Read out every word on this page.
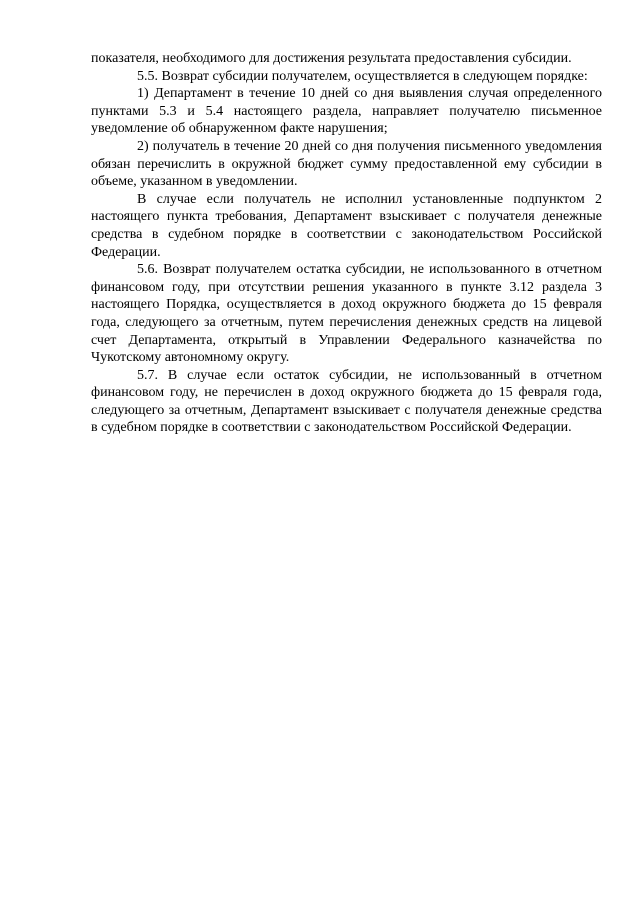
показателя, необходимого для достижения результата предоставления субсидии.

5.5. Возврат субсидии получателем, осуществляется в следующем порядке:

1) Департамент в течение 10 дней со дня выявления случая определенного пунктами 5.3 и 5.4 настоящего раздела, направляет получателю письменное уведомление об обнаруженном факте нарушения;

2) получатель в течение 20 дней со дня получения письменного уведомления обязан перечислить в окружной бюджет сумму предоставленной ему субсидии в объеме, указанном в уведомлении.

В случае если получатель не исполнил установленные подпунктом 2 настоящего пункта требования, Департамент взыскивает с получателя денежные средства в судебном порядке в соответствии с законодательством Российской Федерации.

5.6. Возврат получателем остатка субсидии, не использованного в отчетном финансовом году, при отсутствии решения указанного в пункте 3.12 раздела 3 настоящего Порядка, осуществляется в доход окружного бюджета до 15 февраля года, следующего за отчетным, путем перечисления денежных средств на лицевой счет Департамента, открытый в Управлении Федерального казначейства по Чукотскому автономному округу.

5.7. В случае если остаток субсидии, не использованный в отчетном финансовом году, не перечислен в доход окружного бюджета до 15 февраля года, следующего за отчетным, Департамент взыскивает с получателя денежные средства в судебном порядке в соответствии с законодательством Российской Федерации.
